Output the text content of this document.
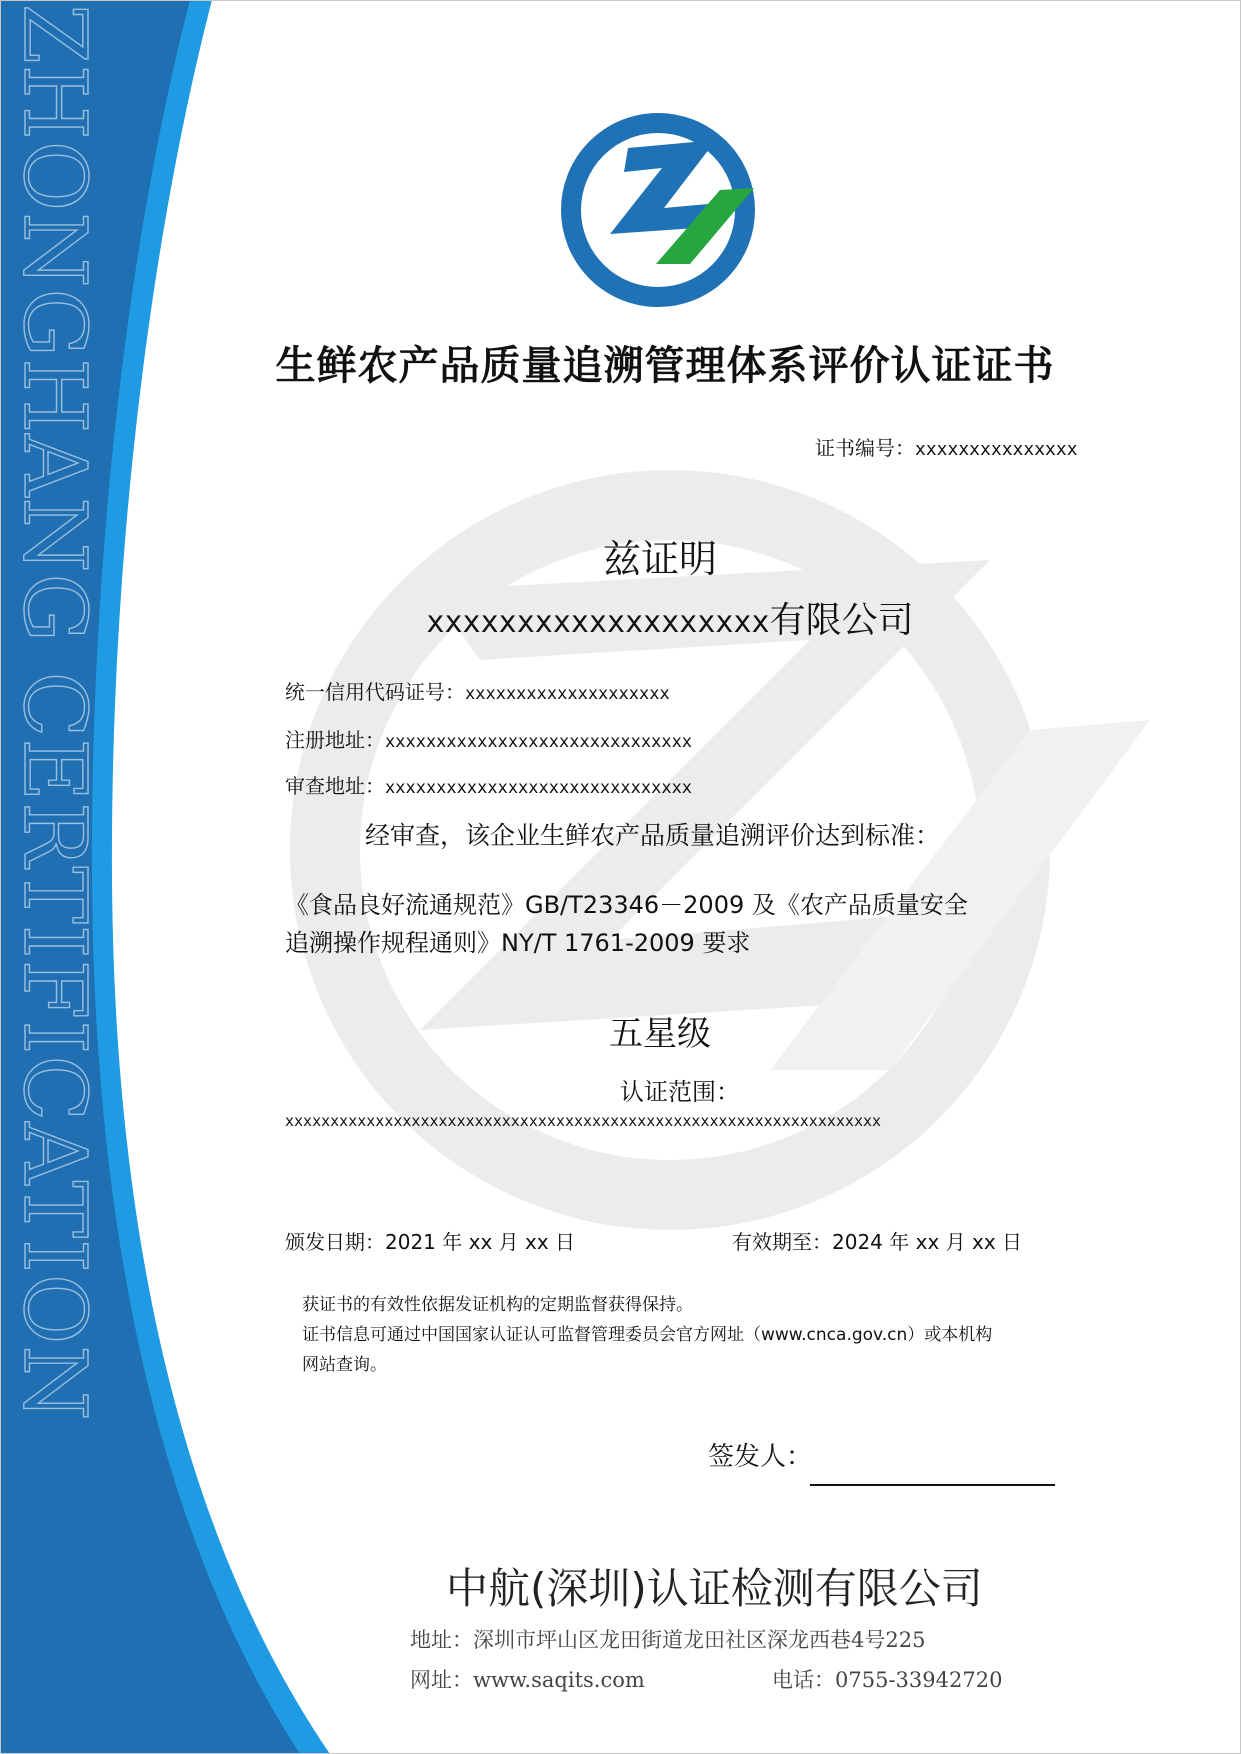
ZHONGHANG CERTIFICATION	生鲜农产品质量追溯管理体系评价认证证书
证书编号：xxxxxxxxxxxxxxx
兹证明
xxxxxxxxxxxxxxxxxxx有限公司
统一信用代码证号：xxxxxxxxxxxxxxxxxxxx
注册地址：xxxxxxxxxxxxxxxxxxxxxxxxxxxxxx
审查地址：xxxxxxxxxxxxxxxxxxxxxxxxxxxxxx
经审查，该企业生鲜农产品质量追溯评价达到标准：
《食品良好流通规范》GB/T23346－2009 及《农产品质量安全
追溯操作规程通则》NY/T 1761-2009 要求
五星级
认证范围：
xxxxxxxxxxxxxxxxxxxxxxxxxxxxxxxxxxxxxxxxxxxxxxxxxxxxxxxxxxxxxxxxxx
颁发日期：2021 年 xx 月 xx 日	有效期至：2024 年 xx 月 xx 日

获证书的有效性依据发证机构的定期监督获得保持。

证书信息可通过中国国家认证认可监督管理委员会官方网址（www.cnca.gov.cn）或本机构

网站查询。

签发人：
中航(深圳)认证检测有限公司
地址：深圳市坪山区龙田街道龙田社区深龙西巷4号225
网址：www.saqits.com	电话：0755-33942720
